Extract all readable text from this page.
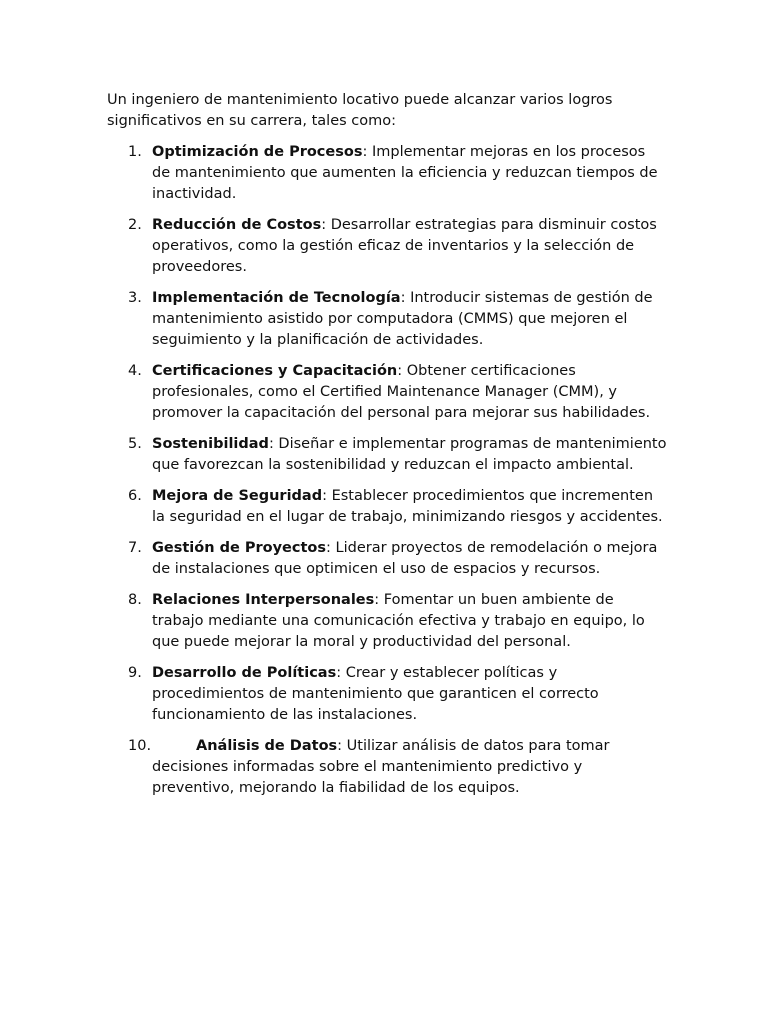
Un ingeniero de mantenimiento locativo puede alcanzar varios logros significativos en su carrera, tales como:

1. Optimización de Procesos: Implementar mejoras en los procesos de mantenimiento que aumenten la eficiencia y reduzcan tiempos de inactividad.
2. Reducción de Costos: Desarrollar estrategias para disminuir costos operativos, como la gestión eficaz de inventarios y la selección de proveedores.
3. Implementación de Tecnología: Introducir sistemas de gestión de mantenimiento asistido por computadora (CMMS) que mejoren el seguimiento y la planificación de actividades.
4. Certificaciones y Capacitación: Obtener certificaciones profesionales, como el Certified Maintenance Manager (CMM), y promover la capacitación del personal para mejorar sus habilidades.
5. Sostenibilidad: Diseñar e implementar programas de mantenimiento que favorezcan la sostenibilidad y reduzcan el impacto ambiental.
6. Mejora de Seguridad: Establecer procedimientos que incrementen la seguridad en el lugar de trabajo, minimizando riesgos y accidentes.
7. Gestión de Proyectos: Liderar proyectos de remodelación o mejora de instalaciones que optimicen el uso de espacios y recursos.
8. Relaciones Interpersonales: Fomentar un buen ambiente de trabajo mediante una comunicación efectiva y trabajo en equipo, lo que puede mejorar la moral y productividad del personal.
9. Desarrollo de Políticas: Crear y establecer políticas y procedimientos de mantenimiento que garanticen el correcto funcionamiento de las instalaciones.
10.	Análisis de Datos: Utilizar análisis de datos para tomar decisiones informadas sobre el mantenimiento predictivo y preventivo, mejorando la fiabilidad de los equipos.
